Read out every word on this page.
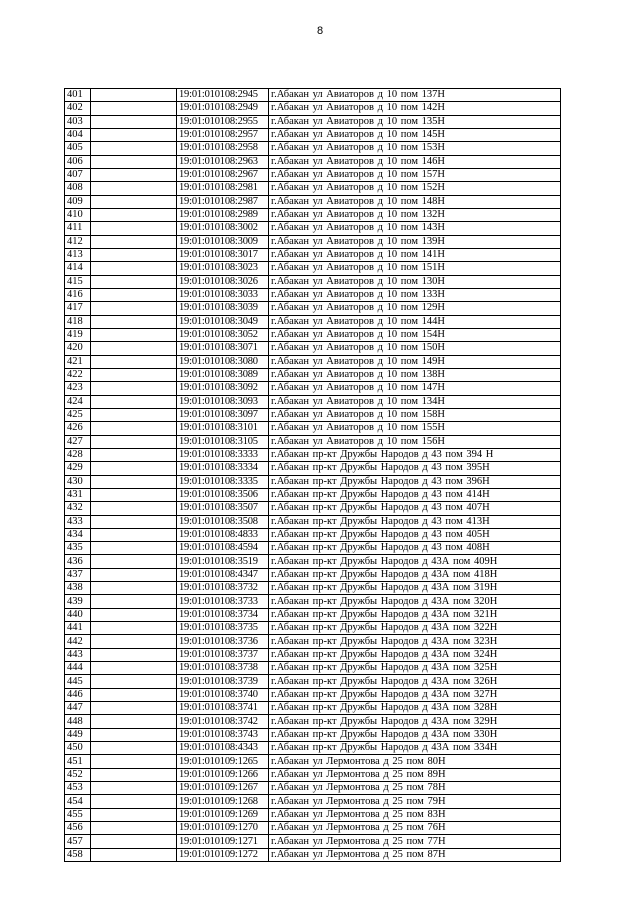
8
401		19:01:010108:2945	г.Абакан ул Авиаторов д 10 пом 137Н
402		19:01:010108:2949	г.Абакан ул Авиаторов д 10 пом 142Н
403		19:01:010108:2955	г.Абакан ул Авиаторов д 10 пом 135Н
404		19:01:010108:2957	г.Абакан ул Авиаторов д 10 пом 145Н
405		19:01:010108:2958	г.Абакан ул Авиаторов д 10 пом 153Н
406		19:01:010108:2963	г.Абакан ул Авиаторов д 10 пом 146Н
407		19:01:010108:2967	г.Абакан ул Авиаторов д 10 пом 157Н
408		19:01:010108:2981	г.Абакан ул Авиаторов д 10 пом 152Н
409		19:01:010108:2987	г.Абакан ул Авиаторов д 10 пом 148Н
410		19:01:010108:2989	г.Абакан ул Авиаторов д 10 пом 132Н
411		19:01:010108:3002	г.Абакан ул Авиаторов д 10 пом 143Н
412		19:01:010108:3009	г.Абакан ул Авиаторов д 10 пом 139Н
413		19:01:010108:3017	г.Абакан ул Авиаторов д 10 пом 141Н
414		19:01:010108:3023	г.Абакан ул Авиаторов д 10 пом 151Н
415		19:01:010108:3026	г.Абакан ул Авиаторов д 10 пом 130Н
416		19:01:010108:3033	г.Абакан ул Авиаторов д 10 пом 133Н
417		19:01:010108:3039	г.Абакан ул Авиаторов д 10 пом 129Н
418		19:01:010108:3049	г.Абакан ул Авиаторов д 10 пом 144Н
419		19:01:010108:3052	г.Абакан ул Авиаторов д 10 пом 154Н
420		19:01:010108:3071	г.Абакан ул Авиаторов д 10 пом 150Н
421		19:01:010108:3080	г.Абакан ул Авиаторов д 10 пом 149Н
422		19:01:010108:3089	г.Абакан ул Авиаторов д 10 пом 138Н
423		19:01:010108:3092	г.Абакан ул Авиаторов д 10 пом 147Н
424		19:01:010108:3093	г.Абакан ул Авиаторов д 10 пом 134Н
425		19:01:010108:3097	г.Абакан ул Авиаторов д 10 пом 158Н
426		19:01:010108:3101	г.Абакан ул Авиаторов д 10 пом 155Н
427		19:01:010108:3105	г.Абакан ул Авиаторов д 10 пом 156Н
428		19:01:010108:3333	г.Абакан пр-кт Дружбы Народов д 43 пом 394 Н
429		19:01:010108:3334	г.Абакан пр-кт Дружбы Народов д 43 пом 395Н
430		19:01:010108:3335	г.Абакан пр-кт Дружбы Народов д 43 пом 396Н
431		19:01:010108:3506	г.Абакан пр-кт Дружбы Народов д 43 пом 414Н
432		19:01:010108:3507	г.Абакан пр-кт Дружбы Народов д 43 пом 407Н
433		19:01:010108:3508	г.Абакан пр-кт Дружбы Народов д 43 пом 413Н
434		19:01:010108:4833	г.Абакан пр-кт Дружбы Народов д 43 пом 405Н
435		19:01:010108:4594	г.Абакан пр-кт Дружбы Народов д 43 пом 408Н
436		19:01:010108:3519	г.Абакан пр-кт Дружбы Народов д 43А пом 409Н
437		19:01:010108:4347	г.Абакан пр-кт Дружбы Народов д 43А пом 418Н
438		19:01:010108:3732	г.Абакан пр-кт Дружбы Народов д 43А пом 319Н
439		19:01:010108:3733	г.Абакан пр-кт Дружбы Народов д 43А пом 320Н
440		19:01:010108:3734	г.Абакан пр-кт Дружбы Народов д 43А пом 321Н
441		19:01:010108:3735	г.Абакан пр-кт Дружбы Народов д 43А пом 322Н
442		19:01:010108:3736	г.Абакан пр-кт Дружбы Народов д 43А пом 323Н
443		19:01:010108:3737	г.Абакан пр-кт Дружбы Народов д 43А пом 324Н
444		19:01:010108:3738	г.Абакан пр-кт Дружбы Народов д 43А пом 325Н
445		19:01:010108:3739	г.Абакан пр-кт Дружбы Народов д 43А пом 326Н
446		19:01:010108:3740	г.Абакан пр-кт Дружбы Народов д 43А пом 327Н
447		19:01:010108:3741	г.Абакан пр-кт Дружбы Народов д 43А пом 328Н
448		19:01:010108:3742	г.Абакан пр-кт Дружбы Народов д 43А пом 329Н
449		19:01:010108:3743	г.Абакан пр-кт Дружбы Народов д 43А пом 330Н
450		19:01:010108:4343	г.Абакан пр-кт Дружбы Народов д 43А пом 334Н
451		19:01:010109:1265	г.Абакан ул Лермонтова д 25 пом 80Н
452		19:01:010109:1266	г.Абакан ул Лермонтова д 25 пом 89Н
453		19:01:010109:1267	г.Абакан ул Лермонтова д 25 пом 78Н
454		19:01:010109:1268	г.Абакан ул Лермонтова д 25 пом 79Н
455		19:01:010109:1269	г.Абакан ул Лермонтова д 25 пом 83Н
456		19:01:010109:1270	г.Абакан ул Лермонтова д 25 пом 76Н
457		19:01:010109:1271	г.Абакан ул Лермонтова д 25 пом 77Н
458		19:01:010109:1272	г.Абакан ул Лермонтова д 25 пом 87Н
